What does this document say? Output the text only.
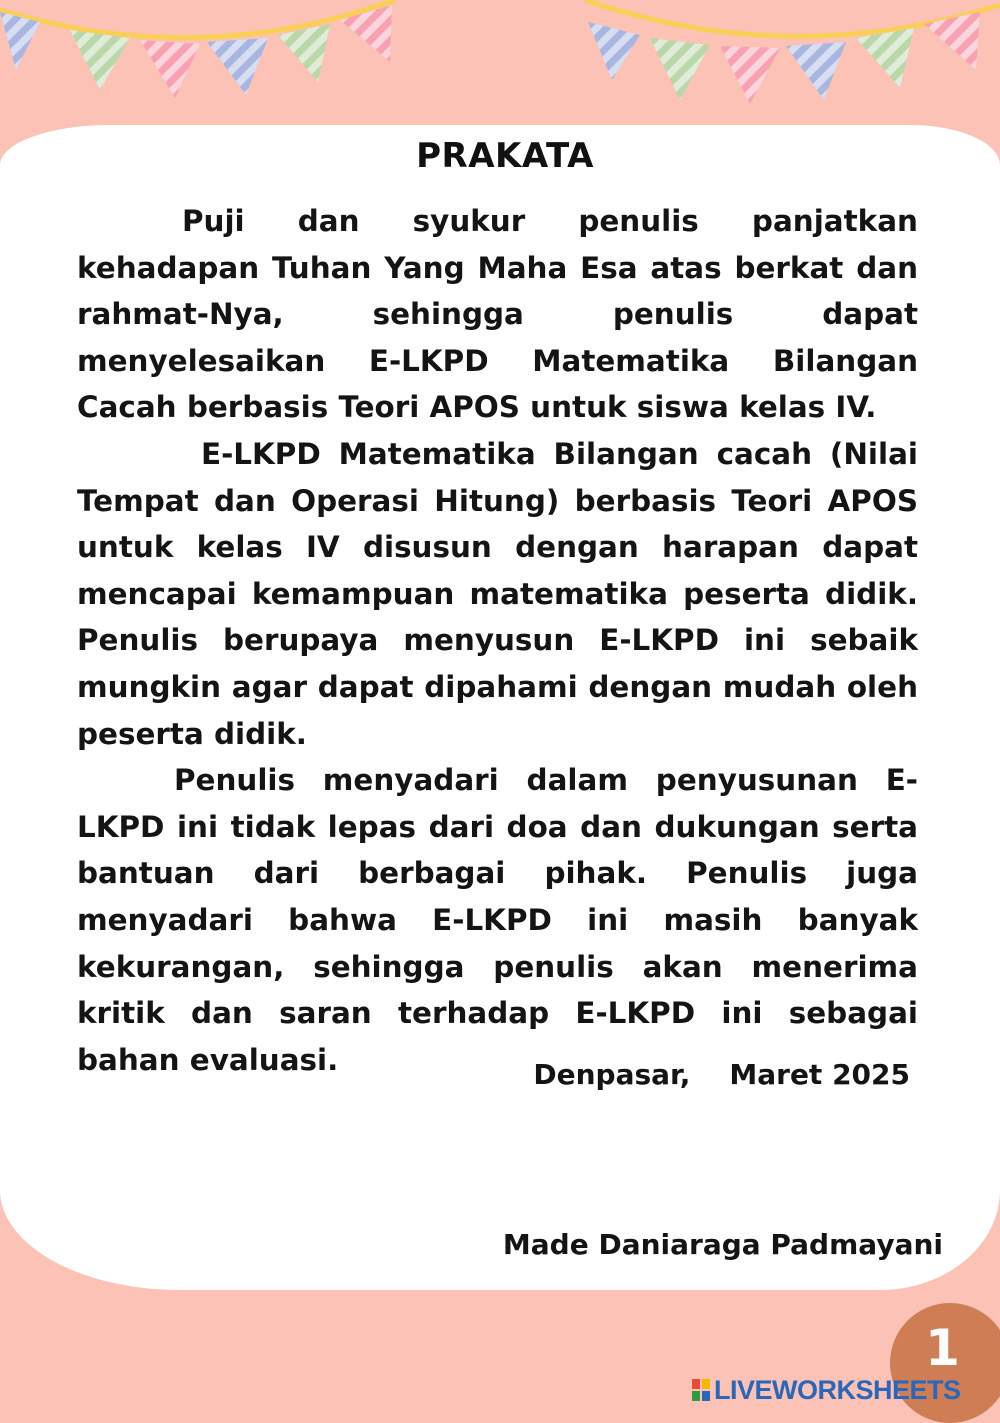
PRAKATA

Puji dan syukur penulis panjatkan kehadapan Tuhan Yang Maha Esa atas berkat dan rahmat-Nya, sehingga penulis dapat menyelesaikan E-LKPD Matematika Bilangan Cacah berbasis Teori APOS untuk siswa kelas IV.

E-LKPD Matematika Bilangan cacah (Nilai Tempat dan Operasi Hitung) berbasis Teori APOS untuk kelas IV disusun dengan harapan dapat mencapai kemampuan matematika peserta didik. Penulis berupaya menyusun E-LKPD ini sebaik mungkin agar dapat dipahami dengan mudah oleh peserta didik.

Penulis menyadari dalam penyusunan E-LKPD ini tidak lepas dari doa dan dukungan serta bantuan dari berbagai pihak. Penulis juga menyadari bahwa E-LKPD ini masih banyak kekurangan, sehingga penulis akan menerima kritik dan saran terhadap E-LKPD ini sebagai bahan evaluasi.	Denpasar,    Maret 2025
Made Daniaraga Padmayani
1
LIVEWORKSHEETS
